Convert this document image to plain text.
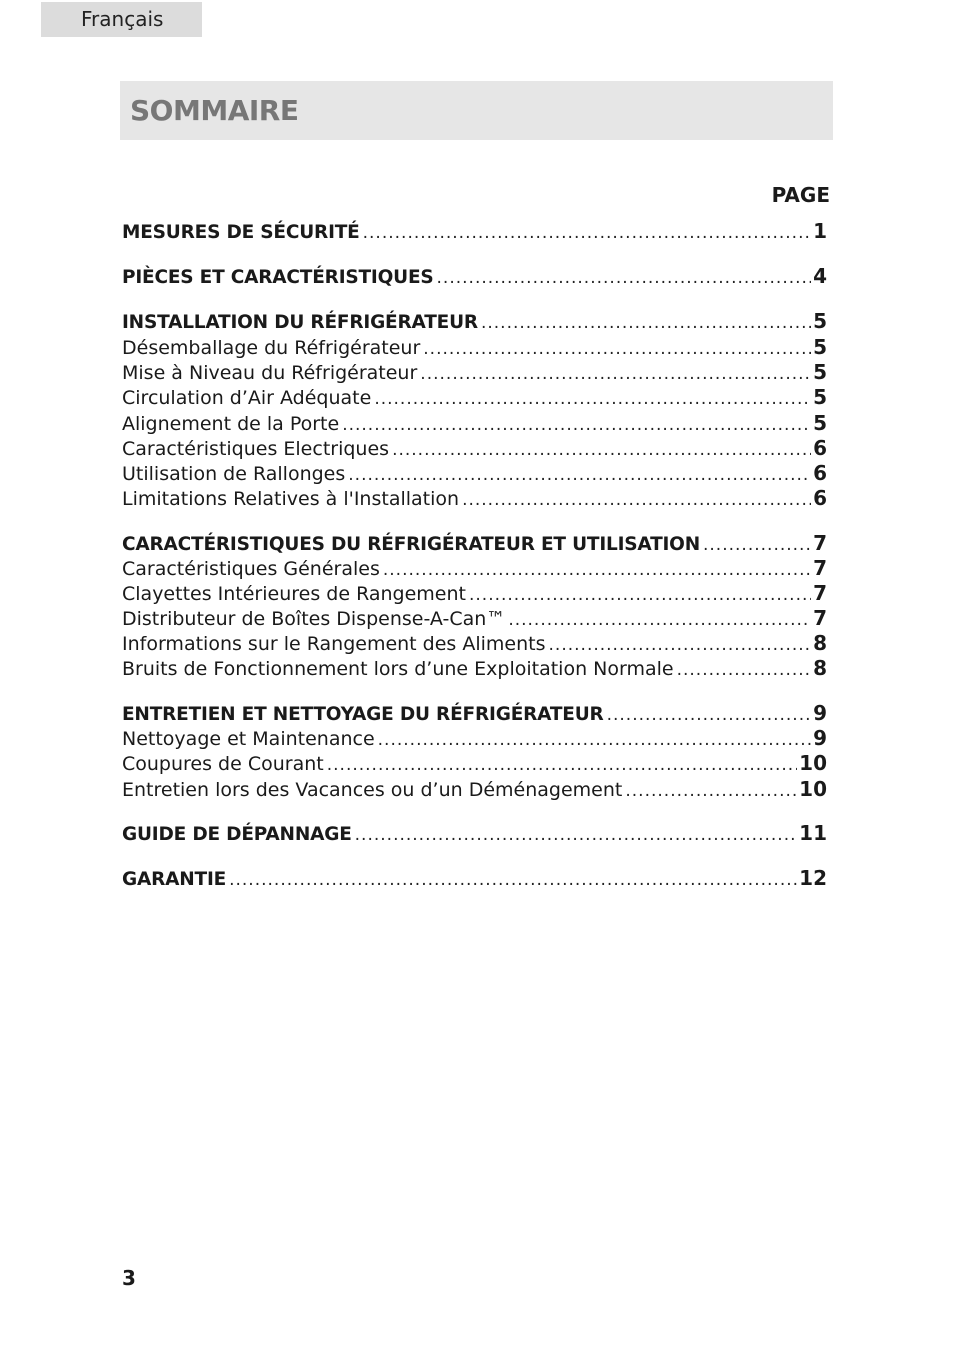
Français
SOMMAIRE
PAGE
MESURES DE SÉCURITÉ .....	1
PIÈCES ET CARACTÉRISTIQUES .....	4
INSTALLATION DU RÉFRIGÉRATEUR .....	5
Désemballage du Réfrigérateur .....	5
Mise à Niveau du Réfrigérateur .....	5
Circulation d’Air Adéquate .....	5
Alignement de la Porte .....	5
Caractéristiques Electriques .....	6
Utilisation de Rallonges .....	6
Limitations Relatives à l'Installation .....	6
CARACTÉRISTIQUES DU RÉFRIGÉRATEUR ET UTILISATION .....	7
Caractéristiques Générales .....	7
Clayettes Intérieures de Rangement .....	7
Distributeur de Boîtes Dispense-A-Can™ .....	7
Informations sur le Rangement des Aliments .....	8
Bruits de Fonctionnement lors d’une Exploitation Normale .....	8
ENTRETIEN ET NETTOYAGE DU RÉFRIGÉRATEUR .....	9
Nettoyage et Maintenance .....	9
Coupures de Courant .....	10
Entretien lors des Vacances ou d’un Déménagement .....	10
GUIDE DE DÉPANNAGE .....	11
GARANTIE .....	12
3
